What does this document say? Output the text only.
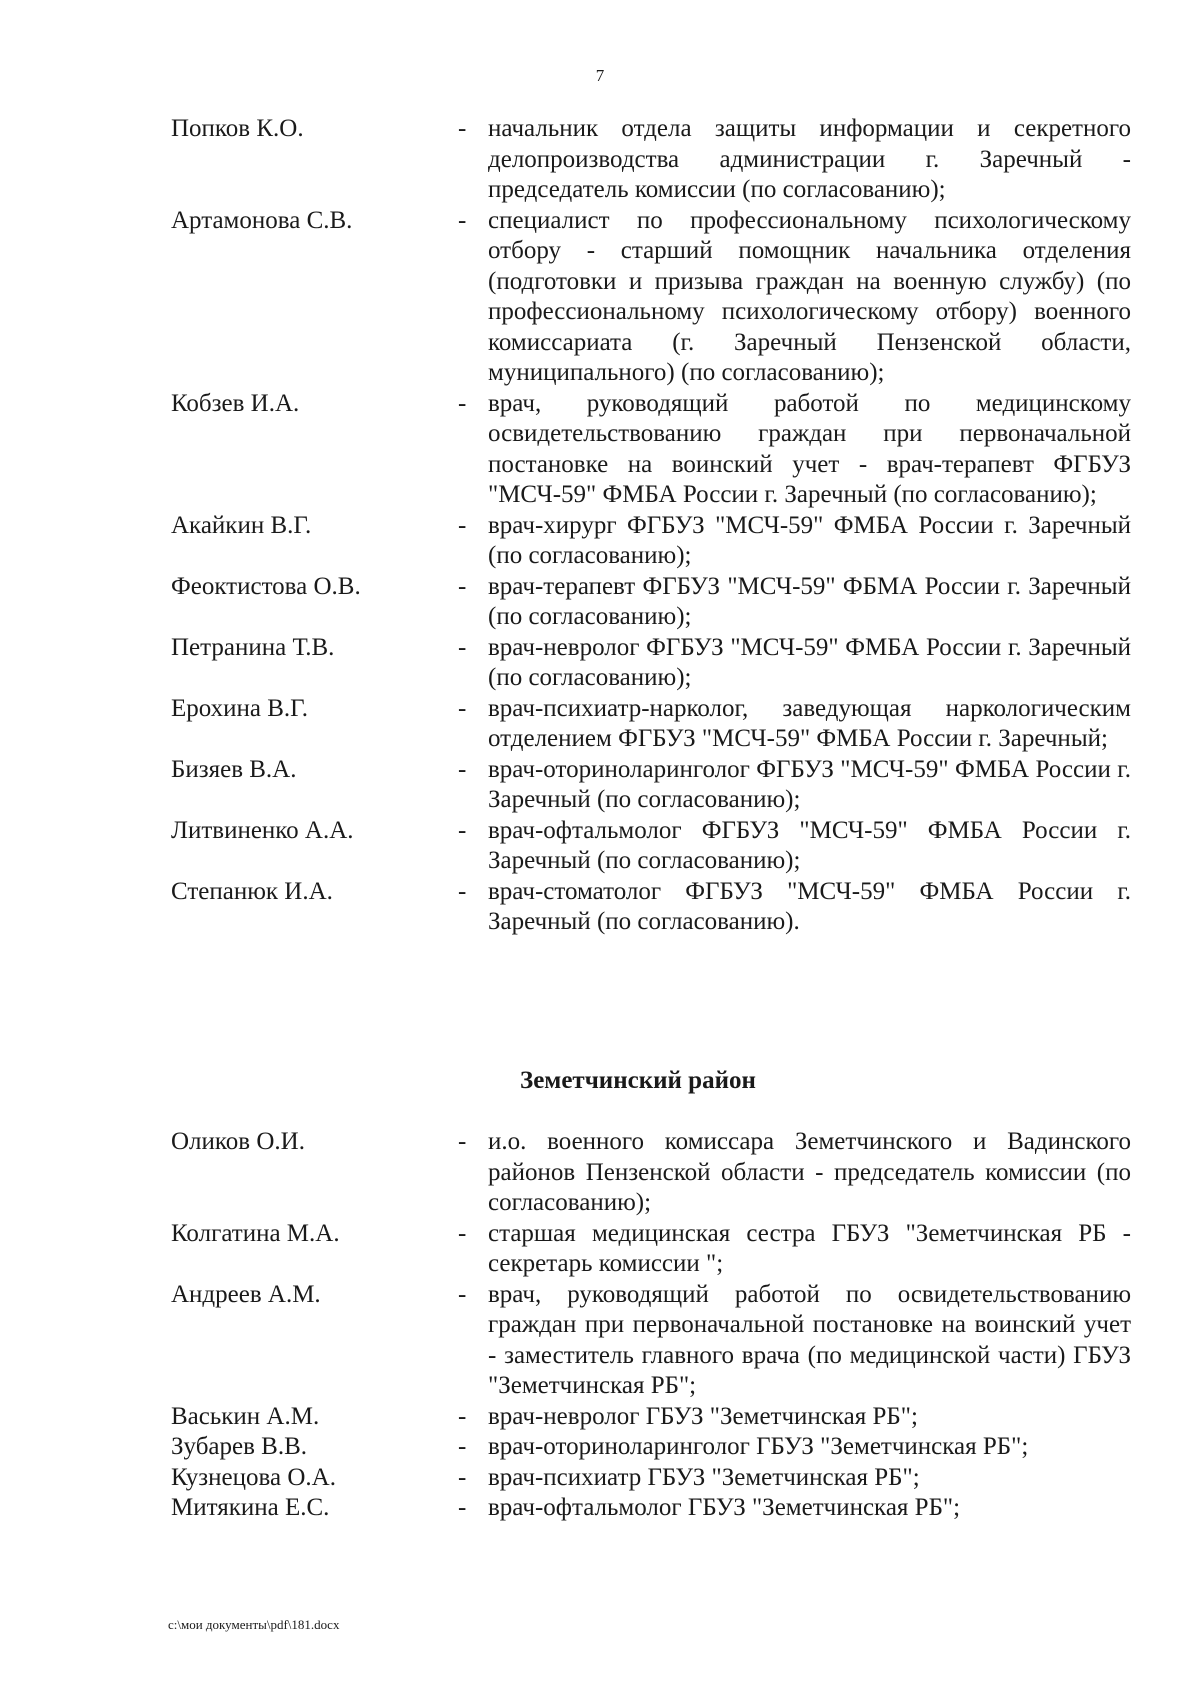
7
Попков К.О.	- начальник отдела защиты информации и секретного делопроизводства администрации г. Заречный - председатель комиссии (по согласованию);
Артамонова С.В.	- специалист по профессиональному психологическому отбору - старший помощник начальника отделения (подготовки и призыва граждан на военную службу) (по профессиональному психологическому отбору) военного комиссариата (г. Заречный Пензенской области, муниципального) (по согласованию);
Кобзев И.А.	- врач, руководящий работой по медицинскому освидетельствованию граждан при первоначальной постановке на воинский учет - врач-терапевт ФГБУЗ "МСЧ-59" ФМБА России г. Заречный (по согласованию);
Акайкин В.Г.	- врач-хирург ФГБУЗ "МСЧ-59" ФМБА России г. Заречный (по согласованию);
Феоктистова О.В.	- врач-терапевт ФГБУЗ "МСЧ-59" ФБМА России г. Заречный (по согласованию);
Петранина Т.В.	- врач-невролог ФГБУЗ "МСЧ-59" ФМБА России г. Заречный (по согласованию);
Ерохина В.Г.	- врач-психиатр-нарколог, заведующая наркологическим отделением ФГБУЗ "МСЧ-59" ФМБА России г. Заречный;
Бизяев В.А.	- врач-оториноларинголог ФГБУЗ "МСЧ-59" ФМБА России г. Заречный (по согласованию);
Литвиненко А.А.	- врач-офтальмолог ФГБУЗ "МСЧ-59" ФМБА России г. Заречный (по согласованию);
Степанюк И.А.	- врач-стоматолог ФГБУЗ "МСЧ-59" ФМБА России г. Заречный (по согласованию).
Земетчинский район
Оликов О.И.	- и.о. военного комиссара Земетчинского и Вадинского районов Пензенской области - председатель комиссии (по согласованию);
Колгатина М.А.	- старшая медицинская сестра ГБУЗ "Земетчинская РБ - секретарь комиссии ";
Андреев А.М.	- врач, руководящий работой по освидетельствованию граждан при первоначальной постановке на воинский учет - заместитель главного врача (по медицинской части) ГБУЗ "Земетчинская РБ";
Васькин А.М.	- врач-невролог ГБУЗ "Земетчинская РБ";
Зубарев В.В.	- врач-оториноларинголог ГБУЗ "Земетчинская РБ";
Кузнецова О.А.	- врач-психиатр ГБУЗ "Земетчинская РБ";
Митякина Е.С.	- врач-офтальмолог ГБУЗ "Земетчинская РБ";
c:\мои документы\pdf\181.docx
